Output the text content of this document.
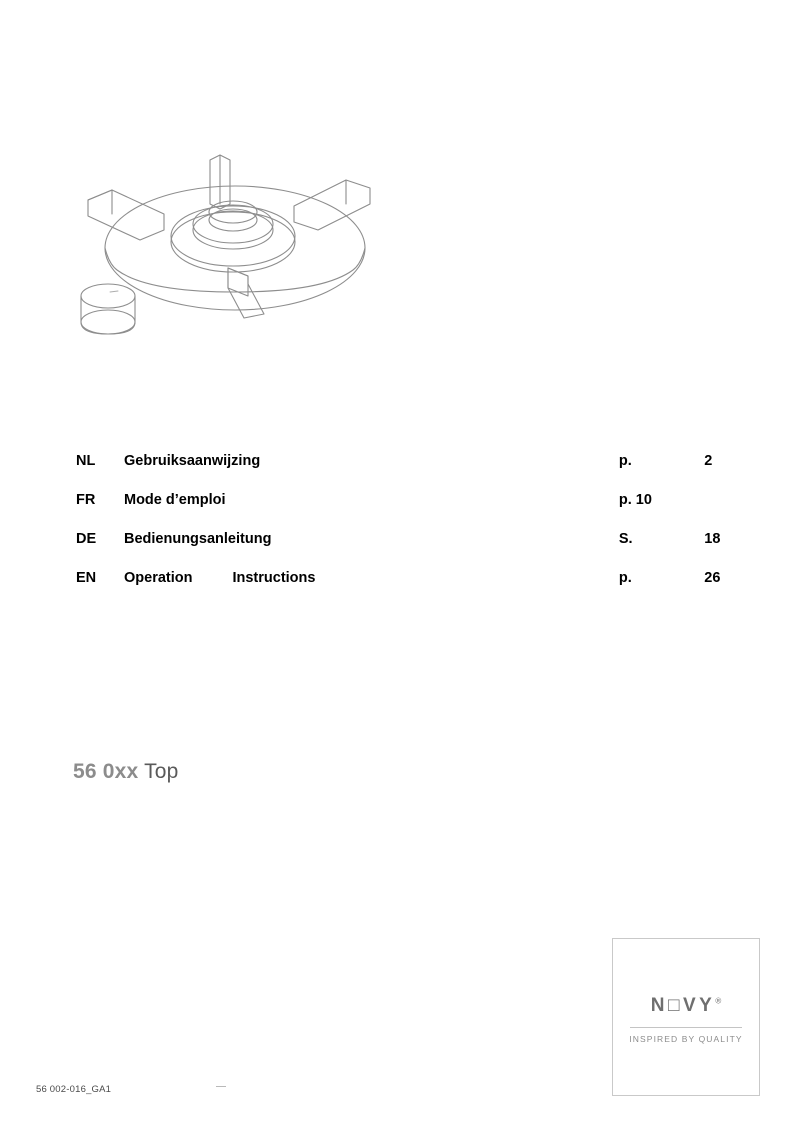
NL	Gebruiksaanwijzing	p.	2
FR	Mode d’emploi	p. 10	
DE	Bedienungsanleitung	S.	18
EN	Operation Instructions	p.	26
56 0xx Top
56 002-016_GA1
N□VY®
INSPIRED BY QUALITY
